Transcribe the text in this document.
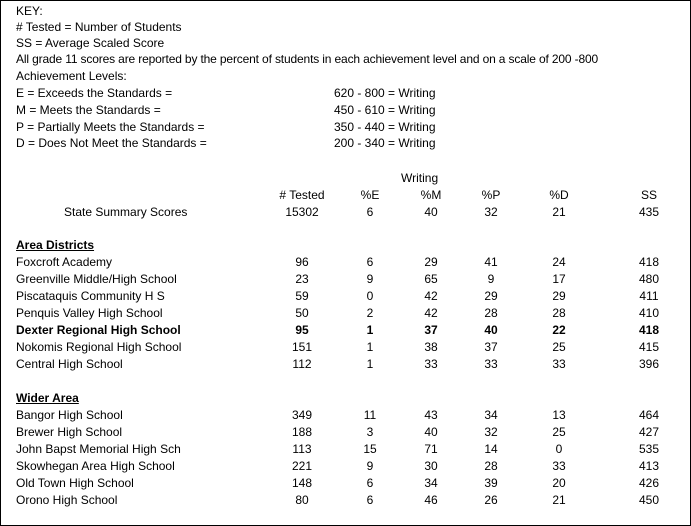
KEY:
# Tested = Number of Students
SS = Average Scaled Score
All grade 11 scores are reported by the percent of students in each achievement level and on a scale of 200 -800
Achievement Levels:
E = Exceeds the Standards =	620 - 800 = Writing
M = Meets the Standards =	450 - 610 = Writing
P = Partially Meets the Standards =	350 - 440 = Writing
D = Does Not Meet the Standards =	200 - 340 = Writing
Writing
# Tested	%E	%M	%P	%D	SS
State Summary Scores	15302	6	40	32	21	435
Area Districts
Foxcroft Academy	96	6	29	41	24	418
Greenville Middle/High School	23	9	65	9	17	480
Piscataquis Community H S	59	0	42	29	29	411
Penquis Valley High School	50	2	42	28	28	410
Dexter Regional High School	95	1	37	40	22	418
Nokomis Regional High School	151	1	38	37	25	415
Central High School	112	1	33	33	33	396
Wider Area
Bangor High School	349	11	43	34	13	464
Brewer High School	188	3	40	32	25	427
John Bapst Memorial High Sch	113	15	71	14	0	535
Skowhegan Area High School	221	9	30	28	33	413
Old Town High School	148	6	34	39	20	426
Orono High School	80	6	46	26	21	450
